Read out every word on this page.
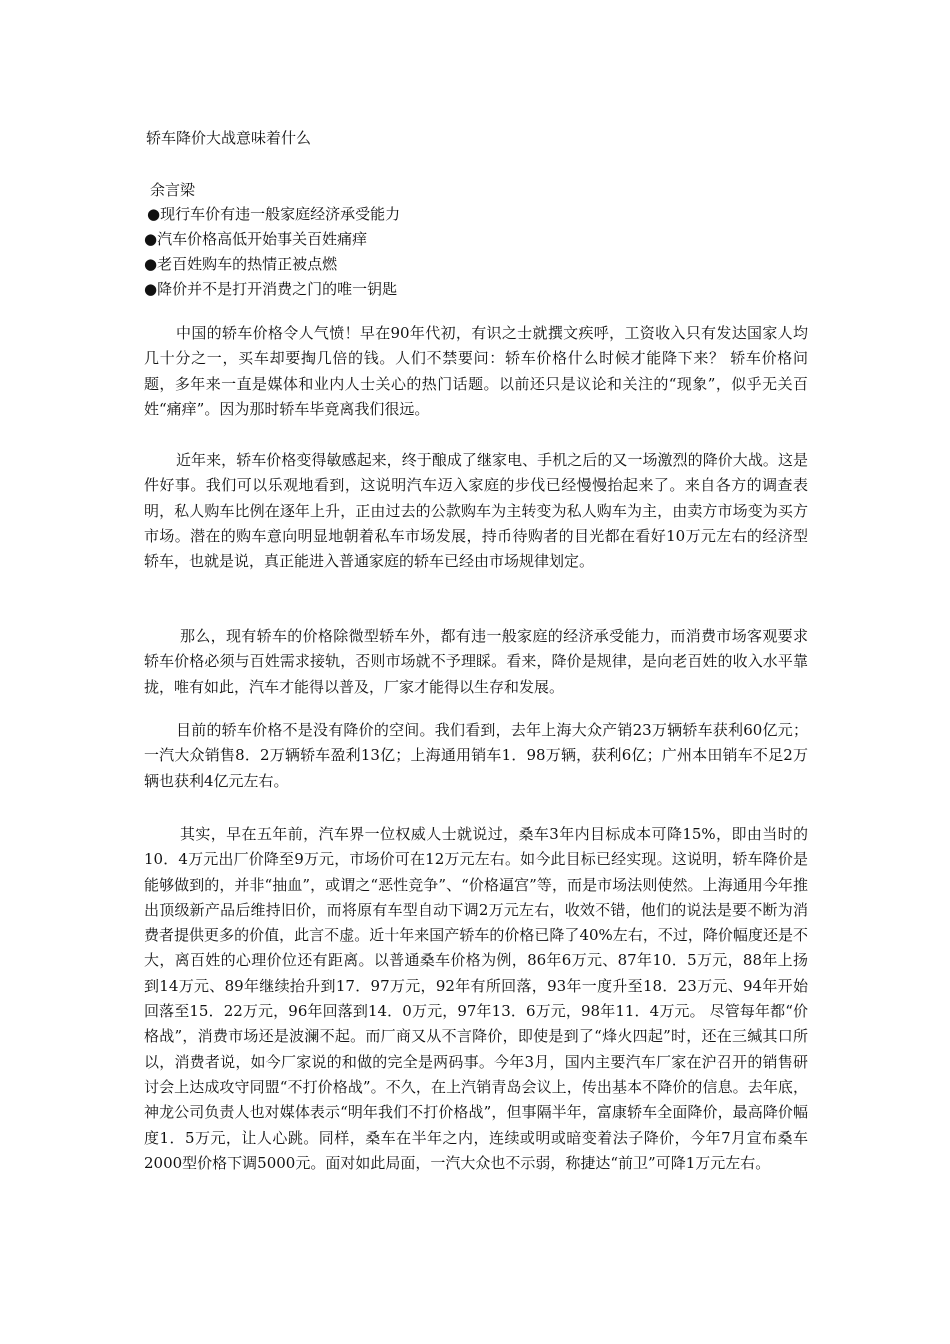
轿车降价大战意味着什么
余言梁
●现行车价有违一般家庭经济承受能力
●汽车价格高低开始事关百姓痛痒
●老百姓购车的热情正被点燃
●降价并不是打开消费之门的唯一钥匙

中国的轿车价格令人气愤！早在90年代初，有识之士就撰文疾呼，工资收入只有发达国家人均几十分之一，买车却要掏几倍的钱。人们不禁要问：轿车价格什么时候才能降下来？ 轿车价格问题，多年来一直是媒体和业内人士关心的热门话题。以前还只是议论和关注的“现象”，似乎无关百姓“痛痒”。因为那时轿车毕竟离我们很远。

近年来，轿车价格变得敏感起来，终于酿成了继家电、手机之后的又一场激烈的降价大战。这是件好事。我们可以乐观地看到，这说明汽车迈入家庭的步伐已经慢慢抬起来了。来自各方的调查表明，私人购车比例在逐年上升，正由过去的公款购车为主转变为私人购车为主，由卖方市场变为买方市场。潜在的购车意向明显地朝着私车市场发展，持币待购者的目光都在看好10万元左右的经济型轿车，也就是说，真正能进入普通家庭的轿车已经由市场规律划定。

那么，现有轿车的价格除微型轿车外，都有违一般家庭的经济承受能力，而消费市场客观要求轿车价格必须与百姓需求接轨，否则市场就不予理睬。看来，降价是规律，是向老百姓的收入水平靠拢，唯有如此，汽车才能得以普及，厂家才能得以生存和发展。

目前的轿车价格不是没有降价的空间。我们看到，去年上海大众产销23万辆轿车获利60亿元；一汽大众销售8．2万辆轿车盈利13亿；上海通用销车1．98万辆，获利6亿；广州本田销车不足2万辆也获利4亿元左右。

其实，早在五年前，汽车界一位权威人士就说过，桑车3年内目标成本可降15%，即由当时的10．4万元出厂价降至9万元，市场价可在12万元左右。如今此目标已经实现。这说明，轿车降价是能够做到的，并非“抽血”，或谓之“恶性竞争”、“价格逼宫”等，而是市场法则使然。上海通用今年推出顶级新产品后维持旧价，而将原有车型自动下调2万元左右，收效不错，他们的说法是要不断为消费者提供更多的价值，此言不虚。近十年来国产轿车的价格已降了40%左右，不过，降价幅度还是不大，离百姓的心理价位还有距离。以普通桑车价格为例，86年6万元、87年10．5万元，88年上扬到14万元、89年继续抬升到17．97万元，92年有所回落，93年一度升至18．23万元、94年开始回落至15．22万元，96年回落到14．0万元，97年13．6万元，98年11．4万元。 尽管每年都“价格战”，消费市场还是波澜不起。而厂商又从不言降价，即使是到了“烽火四起”时，还在三缄其口所以，消费者说，如今厂家说的和做的完全是两码事。今年3月，国内主要汽车厂家在沪召开的销售研讨会上达成攻守同盟“不打价格战”。不久，在上汽销青岛会议上，传出基本不降价的信息。去年底，神龙公司负责人也对媒体表示“明年我们不打价格战”，但事隔半年，富康轿车全面降价，最高降价幅度1．5万元，让人心跳。同样，桑车在半年之内，连续或明或暗变着法子降价，今年7月宣布桑车2000型价格下调5000元。面对如此局面，一汽大众也不示弱，称捷达“前卫”可降1万元左右。
